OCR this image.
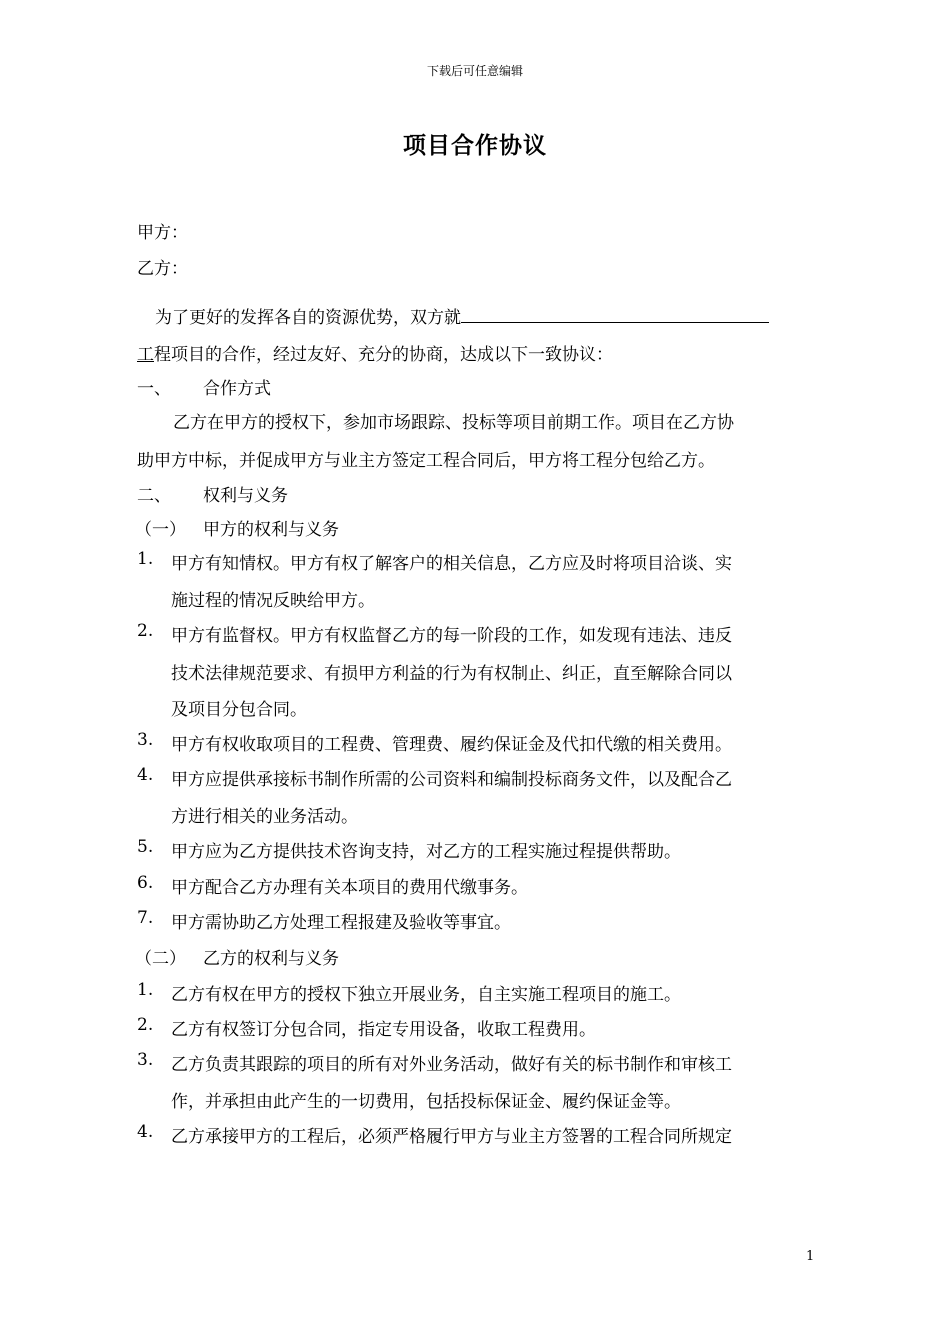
下载后可任意编辑
项目合作协议
甲方：
乙方：
为了更好的发挥各自的资源优势，双方就
工程项目的合作，经过友好、充分的协商，达成以下一致协议：
一、 合作方式
乙方在甲方的授权下，参加市场跟踪、投标等项目前期工作。项目在乙方协
助甲方中标，并促成甲方与业主方签定工程合同后，甲方将工程分包给乙方。
二、 权利与义务
（一） 甲方的权利与义务
1. 甲方有知情权。甲方有权了解客户的相关信息，乙方应及时将项目洽谈、实
施过程的情况反映给甲方。
2. 甲方有监督权。甲方有权监督乙方的每一阶段的工作，如发现有违法、违反
技术法律规范要求、有损甲方利益的行为有权制止、纠正，直至解除合同以
及项目分包合同。
3. 甲方有权收取项目的工程费、管理费、履约保证金及代扣代缴的相关费用。
4. 甲方应提供承接标书制作所需的公司资料和编制投标商务文件，以及配合乙
方进行相关的业务活动。
5. 甲方应为乙方提供技术咨询支持，对乙方的工程实施过程提供帮助。
6. 甲方配合乙方办理有关本项目的费用代缴事务。
7. 甲方需协助乙方处理工程报建及验收等事宜。
（二） 乙方的权利与义务
1. 乙方有权在甲方的授权下独立开展业务，自主实施工程项目的施工。
2. 乙方有权签订分包合同，指定专用设备，收取工程费用。
3. 乙方负责其跟踪的项目的所有对外业务活动，做好有关的标书制作和审核工
作，并承担由此产生的一切费用，包括投标保证金、履约保证金等。
4. 乙方承接甲方的工程后，必须严格履行甲方与业主方签署的工程合同所规定
1
